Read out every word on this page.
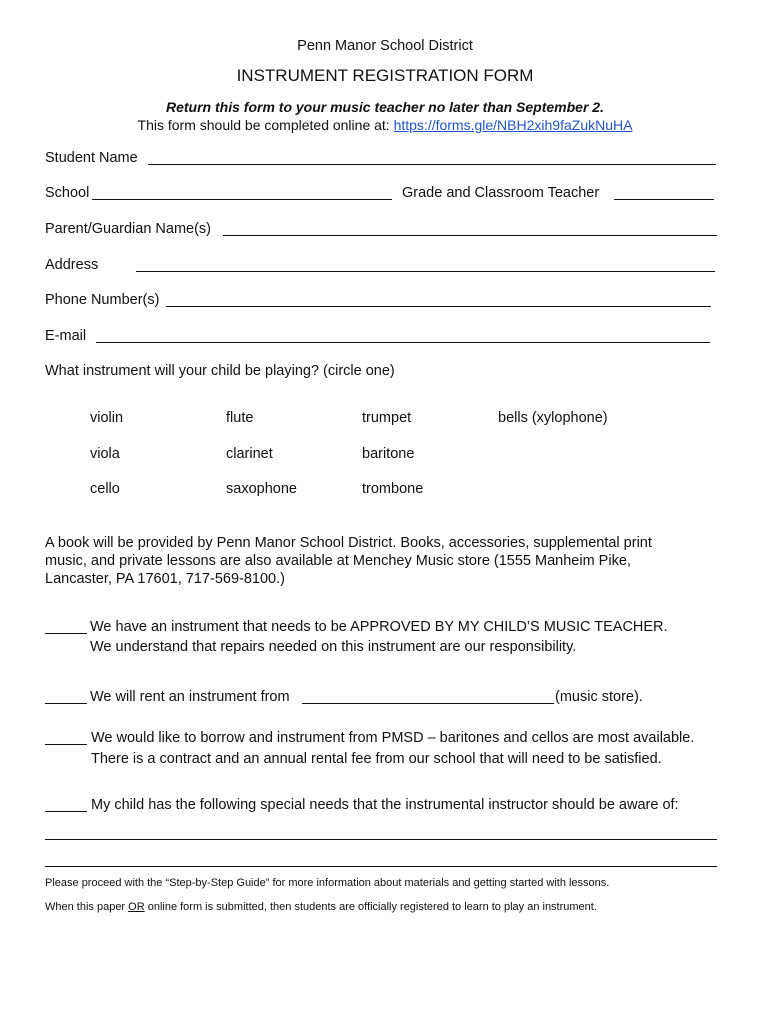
Penn Manor School District
INSTRUMENT REGISTRATION FORM
Return this form to your music teacher no later than September 2.
This form should be completed online at: https://forms.gle/NBH2xih9faZukNuHA
Student Name
School	Grade and Classroom Teacher
Parent/Guardian Name(s)
Address
Phone Number(s)
E-mail
What instrument will your child be playing? (circle one)
violin
viola
cello
flute
clarinet
saxophone
trumpet
baritone
trombone
bells (xylophone)
A book will be provided by Penn Manor School District. Books, accessories, supplemental print
music, and private lessons are also available at Menchey Music store (1555 Manheim Pike,
Lancaster, PA 17601, 717-569-8100.)
We have an instrument that needs to be APPROVED BY MY CHILD’S MUSIC TEACHER.
We understand that repairs needed on this instrument are our responsibility.
We will rent an instrument from	(music store).
We would like to borrow and instrument from PMSD – baritones and cellos are most available.
There is a contract and an annual rental fee from our school that will need to be satisfied.
My child has the following special needs that the instrumental instructor should be aware of:
Please proceed with the “Step-by-Step Guide” for more information about materials and getting started with lessons.
When this paper OR online form is submitted, then students are officially registered to learn to play an instrument.
